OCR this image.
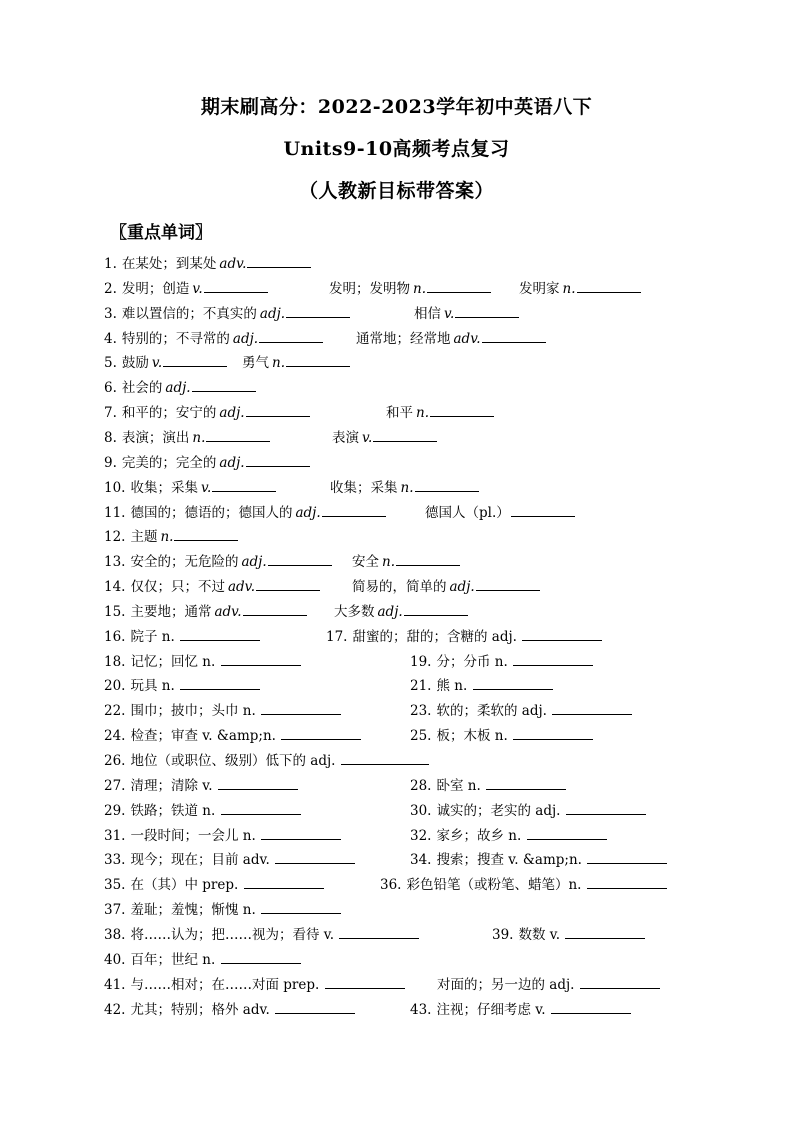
期末刷高分：2022-2023学年初中英语八下
Units9-10高频考点复习
（人教新目标带答案）
〖重点单词〗
1. 在某处；到某处 adv.
2. 发明；创造 v.	发明；发明物 n.	发明家 n.
3. 难以置信的；不真实的 adj.	相信 v.
4. 特别的；不寻常的 adj.	通常地；经常地 adv.
5. 鼓励 v.	勇气 n.
6. 社会的 adj.
7. 和平的；安宁的 adj.	和平 n.
8. 表演；演出 n.	表演 v.
9. 完美的；完全的 adj.
10. 收集；采集 v.	收集；采集 n.
11. 德国的；德语的；德国人的 adj.	德国人（pl.）
12. 主题 n.
13. 安全的；无危险的 adj.	安全 n.
14. 仅仅；只；不过 adv.	简易的，简单的 adj.
15. 主要地；通常 adv.	大多数 adj.
16. 院子 n.	17. 甜蜜的；甜的；含糖的 adj.
18. 记忆；回忆 n.	19. 分；分币 n.
20. 玩具 n.	21. 熊 n.
22. 围巾；披巾；头巾 n.	23. 软的；柔软的 adj.
24. 检查；审查 v. &amp;n.	25. 板；木板 n.
26. 地位（或职位、级别）低下的 adj.
27. 清理；清除 v.	28. 卧室 n.
29. 铁路；铁道 n.	30. 诚实的；老实的 adj.
31. 一段时间；一会儿 n.	32. 家乡；故乡 n.
33. 现今；现在；目前 adv.	34. 搜索；搜查 v. &amp;n.
35. 在（其）中 prep.	36. 彩色铅笔（或粉笔、蜡笔）n.
37. 羞耻；羞愧；惭愧 n.
38. 将……认为；把……视为；看待 v.	39. 数数 v.
40. 百年；世纪 n.
41. 与……相对；在……对面 prep.	对面的；另一边的 adj.
42. 尤其；特别；格外 adv.	43. 注视；仔细考虑 v.
